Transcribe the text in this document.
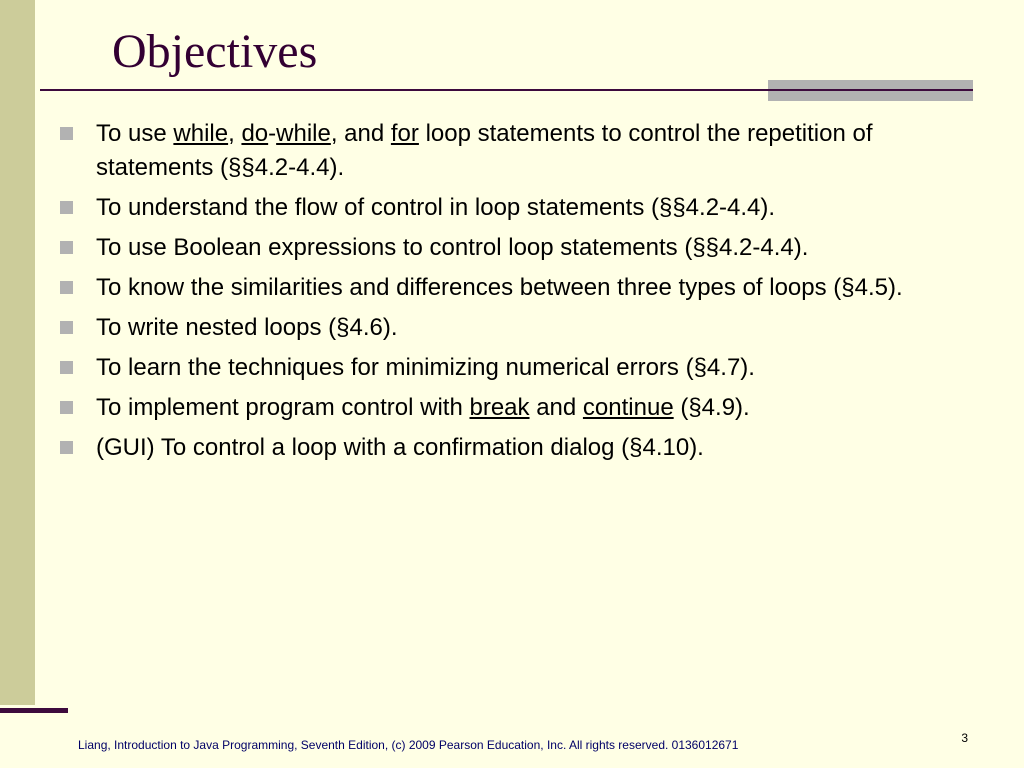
Objectives
To use while, do-while, and for loop statements to control the repetition of statements (§§4.2-4.4).
To understand the flow of control in loop statements (§§4.2-4.4).
To use Boolean expressions to control loop statements (§§4.2-4.4).
To know the similarities and differences between three types of loops (§4.5).
To write nested loops (§4.6).
To learn the techniques for minimizing numerical errors (§4.7).
To implement program control with break and continue (§4.9).
(GUI) To control a loop with a confirmation dialog (§4.10).
Liang, Introduction to Java Programming, Seventh Edition, (c) 2009 Pearson Education, Inc. All rights reserved. 0136012671	3
